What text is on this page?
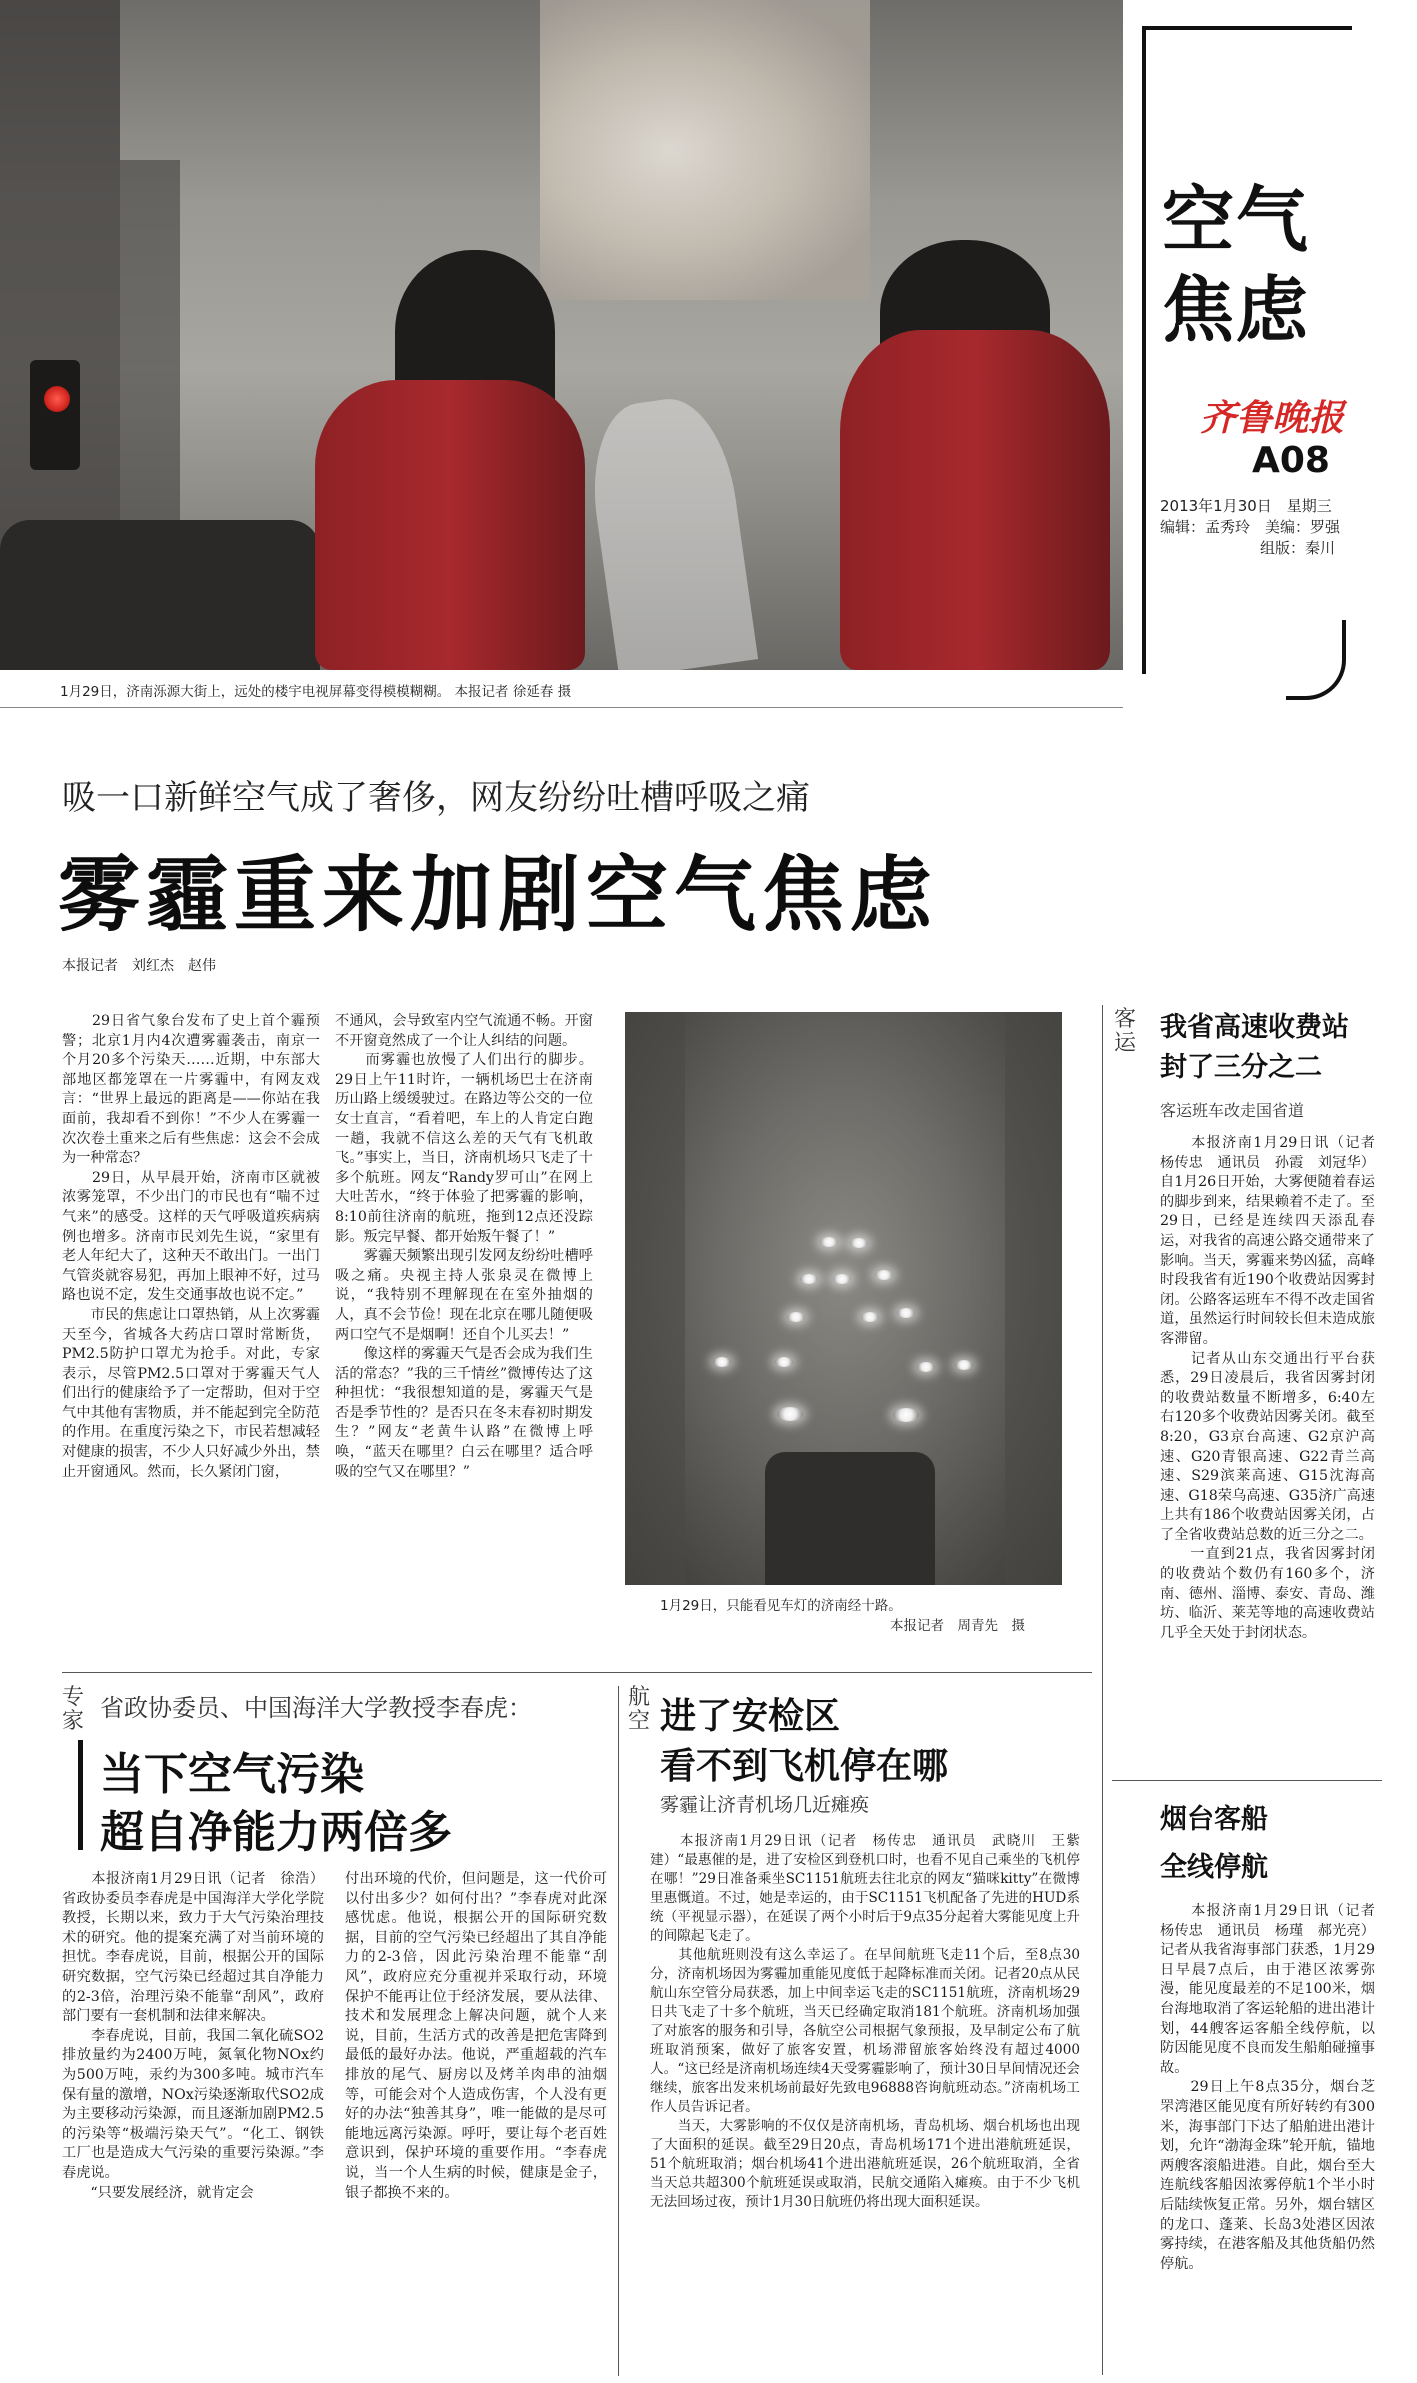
1月29日，济南泺源大街上，远处的楼宇电视屏幕变得模模糊糊。 本报记者 徐延春 摄
空气
焦虑
齐鲁晚报
A08
2013年1月30日　星期三
编辑：孟秀玲　美编：罗强
组版：秦川
吸一口新鲜空气成了奢侈，网友纷纷吐槽呼吸之痛
雾霾重来加剧空气焦虑
本报记者　刘红杰　赵伟
　　29日省气象台发布了史上首个霾预警；北京1月内4次遭雾霾袭击，南京一个月20多个污染天……近期，中东部大部地区都笼罩在一片雾霾中，有网友戏言：“世界上最远的距离是——你站在我面前，我却看不到你！”不少人在雾霾一次次卷土重来之后有些焦虑：这会不会成为一种常态？
　　29日，从早晨开始，济南市区就被浓雾笼罩，不少出门的市民也有“喘不过气来”的感受。这样的天气呼吸道疾病病例也增多。济南市民刘先生说，“家里有老人年纪大了，这种天不敢出门。一出门气管炎就容易犯，再加上眼神不好，过马路也说不定，发生交通事故也说不定。”
　　市民的焦虑让口罩热销，从上次雾霾天至今，省城各大药店口罩时常断货，PM2.5防护口罩尤为抢手。对此，专家表示，尽管PM2.5口罩对于雾霾天气人们出行的健康给予了一定帮助，但对于空气中其他有害物质，并不能起到完全防范的作用。在重度污染之下，市民若想减轻对健康的损害，不少人只好减少外出，禁止开窗通风。然而，长久紧闭门窗，
不通风，会导致室内空气流通不畅。开窗不开窗竟然成了一个让人纠结的问题。
　　而雾霾也放慢了人们出行的脚步。29日上午11时许，一辆机场巴士在济南历山路上缓缓驶过。在路边等公交的一位女士直言，“看着吧，车上的人肯定白跑一趟，我就不信这么差的天气有飞机敢飞。”事实上，当日，济南机场只飞走了十多个航班。网友“Randy罗可山”在网上大吐苦水，“终于体验了把雾霾的影响，8:10前往济南的航班，拖到12点还没踪影。叛完早餐、都开始叛午餐了！”
　　雾霾天频繁出现引发网友纷纷吐槽呼吸之痛。央视主持人张泉灵在微博上说，“我特别不理解现在在室外抽烟的人，真不会节俭！现在北京在哪儿随便吸两口空气不是烟啊！还自个儿买去！”
　　像这样的雾霾天气是否会成为我们生活的常态？”我的三千情丝”微博传达了这种担忧：“我很想知道的是，雾霾天气是否是季节性的？是否只在冬末春初时期发生？”网友“老黄牛认路”在微博上呼唤，“蓝天在哪里？白云在哪里？适合呼吸的空气又在哪里？”
1月29日，只能看见车灯的济南经十路。
本报记者　周青先　摄
客运
我省高速收费站
封了三分之二
客运班车改走国省道
　　本报济南1月29日讯（记者　杨传忠　通讯员　孙霞　刘冠华）自1月26日开始，大雾便随着春运的脚步到来，结果赖着不走了。至29日，已经是连续四天添乱春运，对我省的高速公路交通带来了影响。当天，雾霾来势凶猛，高峰时段我省有近190个收费站因雾封闭。公路客运班车不得不改走国省道，虽然运行时间较长但未造成旅客滞留。
　　记者从山东交通出行平台获悉，29日凌晨后，我省因雾封闭的收费站数量不断增多，6:40左右120多个收费站因雾关闭。截至8:20，G3京台高速、G2京沪高速、G20青银高速、G22青兰高速、S29滨莱高速、G15沈海高速、G18荣乌高速、G35济广高速上共有186个收费站因雾关闭，占了全省收费站总数的近三分之二。
　　一直到21点，我省因雾封闭的收费站个数仍有160多个，济南、德州、淄博、泰安、青岛、潍坊、临沂、莱芜等地的高速收费站几乎全天处于封闭状态。
烟台客船
全线停航
　　本报济南1月29日讯（记者　杨传忠　通讯员　杨瑾　郝光亮）记者从我省海事部门获悉，1月29日早晨7点后，由于港区浓雾弥漫，能见度最差的不足100米，烟台海地取消了客运轮船的进出港计划，44艘客运客船全线停航，以防因能见度不良而发生船舶碰撞事故。
　　29日上午8点35分，烟台芝罘湾港区能见度有所好转约有300米，海事部门下达了船舶进出港计划，允许“渤海金珠”轮开航，锚地两艘客滚船进港。自此，烟台至大连航线客船因浓雾停航1个半小时后陆续恢复正常。另外，烟台辖区的龙口、蓬莱、长岛3处港区因浓雾持续，在港客船及其他货船仍然停航。
专家 省政协委员、中国海洋大学教授李春虎：
当下空气污染
超自净能力两倍多
　　本报济南1月29日讯（记者　徐浩）省政协委员李春虎是中国海洋大学化学院教授，长期以来，致力于大气污染治理技术的研究。他的提案充满了对当前环境的担忧。李春虎说，目前，根据公开的国际研究数据，空气污染已经超过其自净能力的2-3倍，治理污染不能靠“刮风”，政府部门要有一套机制和法律来解决。
　　李春虎说，目前，我国二氧化硫SO2排放量约为2400万吨，氮氧化物NOx约为500万吨，汞约为300多吨。城市汽车保有量的激增，NOx污染逐渐取代SO2成为主要移动污染源，而且逐渐加剧PM2.5的污染等“极端污染天气”。“化工、钢铁工厂也是造成大气污染的重要污染源。”李春虎说。
　　“只要发展经济，就肯定会
付出环境的代价，但问题是，这一代价可以付出多少？如何付出？”李春虎对此深感忧虑。他说，根据公开的国际研究数据，目前的空气污染已经超出了其自净能力的2-3倍，因此污染治理不能靠“刮风”，政府应充分重视并采取行动，环境保护不能再让位于经济发展，要从法律、技术和发展理念上解决问题，就个人来说，目前，生活方式的改善是把危害降到最低的最好办法。他说，严重超载的汽车排放的尾气、厨房以及烤羊肉串的油烟等，可能会对个人造成伤害，个人没有更好的办法“独善其身”，唯一能做的是尽可能地远离污染源。呼吁，要让每个老百姓意识到，保护环境的重要作用。“李春虎说，当一个人生病的时候，健康是金子，银子都换不来的。
航空 进了安检区
看不到飞机停在哪
雾霾让济青机场几近瘫痪
　　本报济南1月29日讯（记者　杨传忠　通讯员　武晓川　王紫建）“最惠催的是，进了安检区到登机口时，也看不见自己乘坐的飞机停在哪！”29日准备乘坐SC1151航班去往北京的网友“猫咪kitty”在微博里惠慨道。不过，她是幸运的，由于SC1151飞机配备了先进的HUD系统（平视显示器），在延误了两个小时后于9点35分起着大雾能见度上升的间隙起飞走了。
　　其他航班则没有这么幸运了。在早间航班飞走11个后，至8点30分，济南机场因为雾霾加重能见度低于起降标准而关闭。记者20点从民航山东空管分局获悉，加上中间幸运飞走的SC1151航班，济南机场29日共飞走了十多个航班，当天已经确定取消181个航班。济南机场加强了对旅客的服务和引导，各航空公司根据气象预报，及早制定公布了航班取消预案，做好了旅客安置，机场滞留旅客始终没有超过4000人。“这已经是济南机场连续4天受雾霾影响了，预计30日早间情况还会继续，旅客出发来机场前最好先致电96888咨询航班动态。”济南机场工作人员告诉记者。
　　当天，大雾影响的不仅仅是济南机场，青岛机场、烟台机场也出现了大面积的延误。截至29日20点，青岛机场171个进出港航班延误，51个航班取消；烟台机场41个进出港航班延误，26个航班取消，全省当天总共超300个航班延误或取消，民航交通陷入瘫痪。由于不少飞机无法回场过夜，预计1月30日航班仍将出现大面积延误。
